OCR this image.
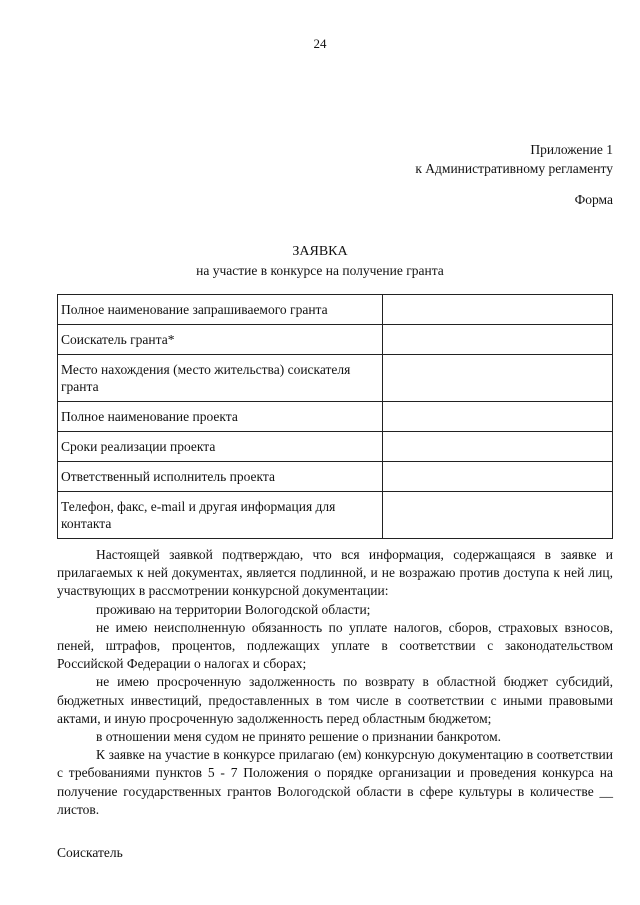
24
Приложение 1
к Административному регламенту
Форма
ЗАЯВКА
на участие в конкурсе на получение гранта
Полное наименование запрашиваемого гранта	
Соискатель гранта*	
Место нахождения (место жительства) соискателя гранта	
Полное наименование проекта	
Сроки реализации проекта	
Ответственный исполнитель проекта	
Телефон, факс, e-mail и другая информация для контакта	

Настоящей заявкой подтверждаю, что вся информация, содержащаяся в заявке и прилагаемых к ней документах, является подлинной, и не возражаю против доступа к ней лиц, участвующих в рассмотрении конкурсной документации:

проживаю на территории Вологодской области;

не имею неисполненную обязанность по уплате налогов, сборов, страховых взносов, пеней, штрафов, процентов, подлежащих уплате в соответствии с законодательством Российской Федерации о налогах и сборах;

не имею просроченную задолженность по возврату в областной бюджет субсидий, бюджетных инвестиций, предоставленных в том числе в соответствии с иными правовыми актами, и иную просроченную задолженность перед областным бюджетом;

в отношении меня судом не принято решение о признании банкротом.

К заявке на участие в конкурсе прилагаю (ем) конкурсную документацию в соответствии с требованиями пунктов 5 - 7 Положения о порядке организации и проведения конкурса на получение государственных грантов Вологодской области в сфере культуры в количестве __ листов.

Соискатель
